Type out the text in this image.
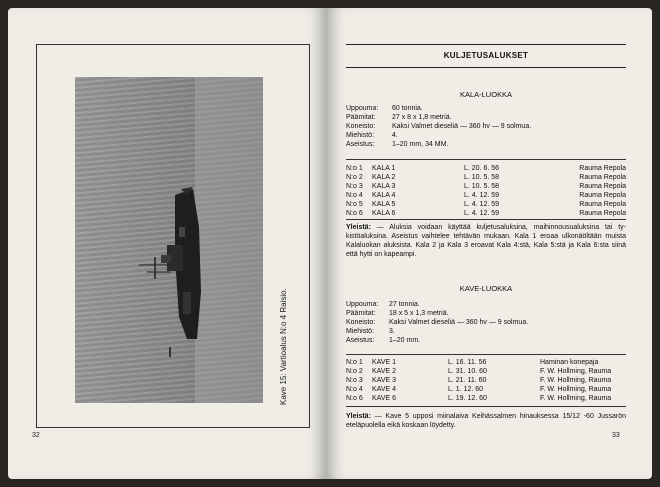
Kave 15: Vartioalus N:o 4 Raisio.
32
KULJETUSALUKSET
KALA-LUOKKA
Uppouma: 60 tonnia.
Päämitat: 27 x 8 x 1,8 metriä.
Koneisto: Kaksi Valmet dieseliä — 360 hv — 9 solmua.
Miehistö:	4.
Aseistus:	1–20 mm, 34 MM.
N:o 1	KALA 1	L. 20. 6. 56	Rauma Repola
N:o 2	KALA 2	L. 10. 5. 58	Rauma Repola
N:o 3	KALA 3	L. 10. 5. 58	Rauma Repola
N:o 4	KALA 4	L. 4. 12. 59	Rauma Repola
N:o 5	KALA 5	L. 4. 12. 59	Rauma Repola
N:o 6	KALA 6	L. 4. 12. 59	Rauma Repola
Yleistä: — Aluksia voidaan käyttää kuljetusaluksina, maihinnousualuksina tai ty-kistöaluksina. Aseistus vaihtelee tehtävän mukaan. Kala 1 eroaa ulkonäöltään muista Kalaluokan aluksista. Kala 2 ja Kala 3 eroavat Kala 4:stä, Kala 5:stä ja Kala 6:sta siinä että hytti on kapeampi.
KAVE-LUOKKA
Uppouma: 27 tonnia.
Päämitat: 18 x 5 x 1,3 metriä.
Koneisto: Kaksi Valmet dieseliä — 360 hv — 9 solmua.
Miehistö: 3.
Aseistus: 1–20 mm.
N:o 1	KAVE 1	L. 16. 11. 56	Haminan konepaja
N:o 2	KAVE 2	L. 31. 10. 60	F. W. Hollming, Rauma
N:o 3	KAVE 3	L. 21. 11. 60	F. W. Hollming, Rauma
N:o 4	KAVE 4	L. 1. 12. 60	F. W. Hollming, Rauma
N:o 6	KAVE 6	L. 19. 12. 60	F. W. Hollming, Rauma
Yleistä: — Kave 5 upposi miinalaiva Keihässalmen hinauksessa 15/12 -60 Jussarön eteläpuolella eikä koskaan löydetty.
33
